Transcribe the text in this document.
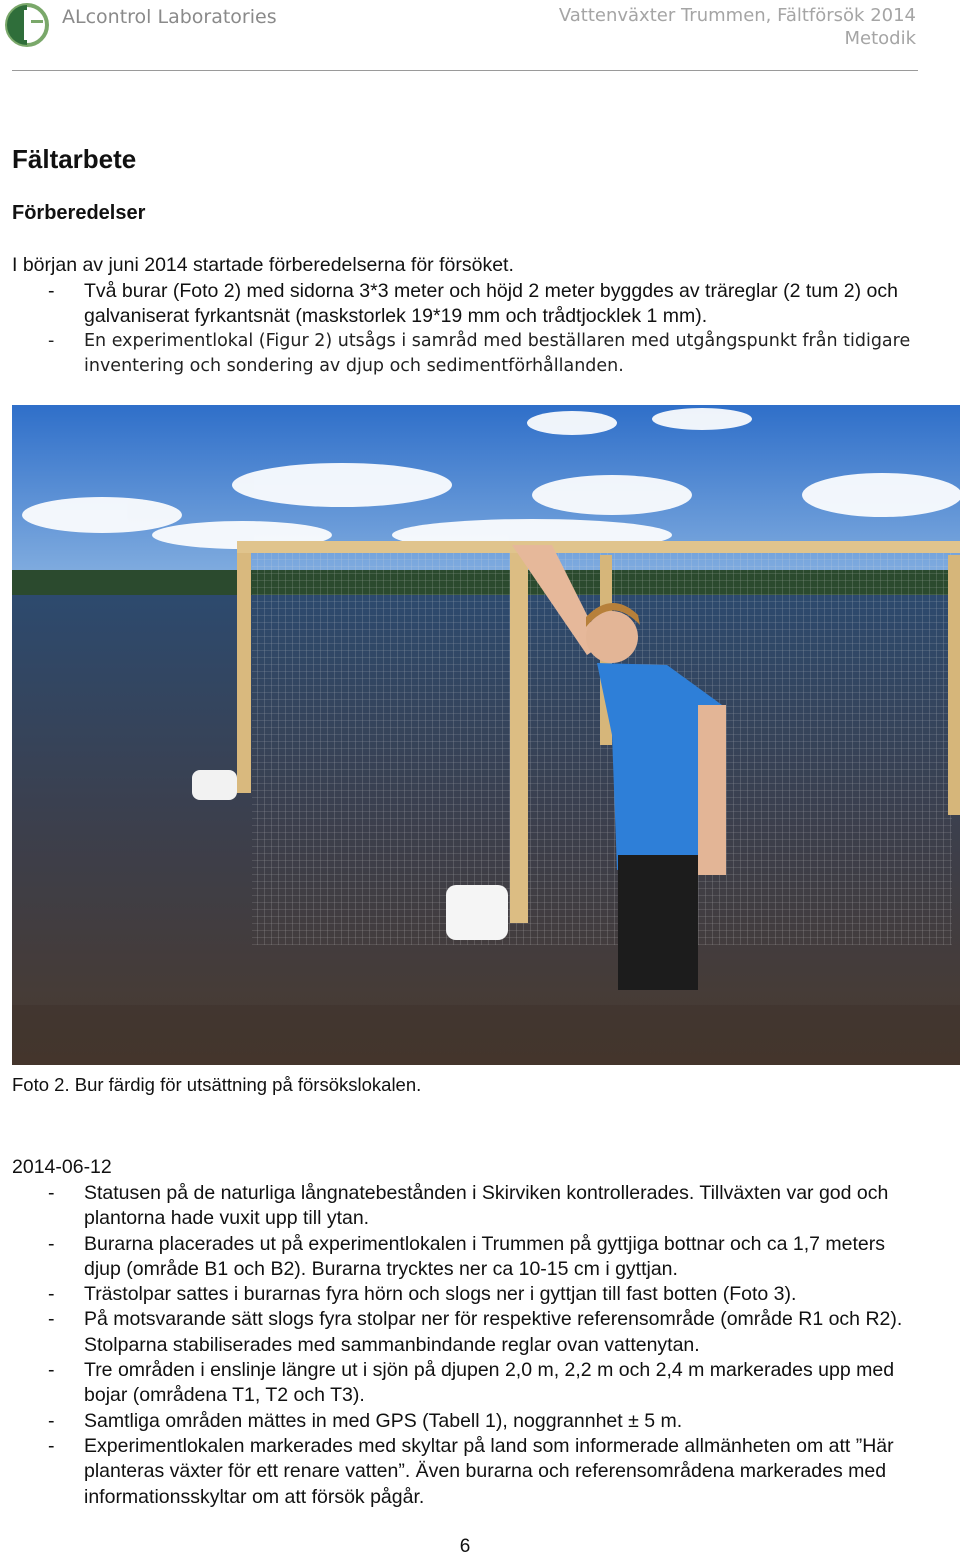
ALcontrol Laboratories	Vattenväxter Trummen, Fältförsök 2014
Metodik
Fältarbete
Förberedelser
I början av juni 2014 startade förberedelserna för försöket.
- Två burar (Foto 2) med sidorna 3*3 meter och höjd 2 meter byggdes av träreglar (2 tum 2) och galvaniserat fyrkantsnät (maskstorlek 19*19 mm och trådtjocklek 1 mm).
- En experimentlokal (Figur 2) utsågs i samråd med beställaren med utgångspunkt från tidigare inventering och sondering av djup och sedimentförhållanden.
Foto 2. Bur färdig för utsättning på försökslokalen.
2014-06-12
- Statusen på de naturliga långnatebestånden i Skirviken kontrollerades. Tillväxten var god och plantorna hade vuxit upp till ytan.
- Burarna placerades ut på experimentlokalen i Trummen på gyttjiga bottnar och ca 1,7 meters djup (område B1 och B2). Burarna trycktes ner ca 10-15 cm i gyttjan.
- Trästolpar sattes i burarnas fyra hörn och slogs ner i gyttjan till fast botten (Foto 3).
- På motsvarande sätt slogs fyra stolpar ner för respektive referensområde (område R1 och R2). Stolparna stabiliserades med sammanbindande reglar ovan vattenytan.
- Tre områden i enslinje längre ut i sjön på djupen 2,0 m, 2,2 m och 2,4 m markerades upp med bojar (områdena T1, T2 och T3).
- Samtliga områden mättes in med GPS (Tabell 1), noggrannhet ± 5 m.
- Experimentlokalen markerades med skyltar på land som informerade allmänheten om att ”Här planteras växter för ett renare vatten”. Även burarna och referensområdena markerades med informationsskyltar om att försök pågår.
6
